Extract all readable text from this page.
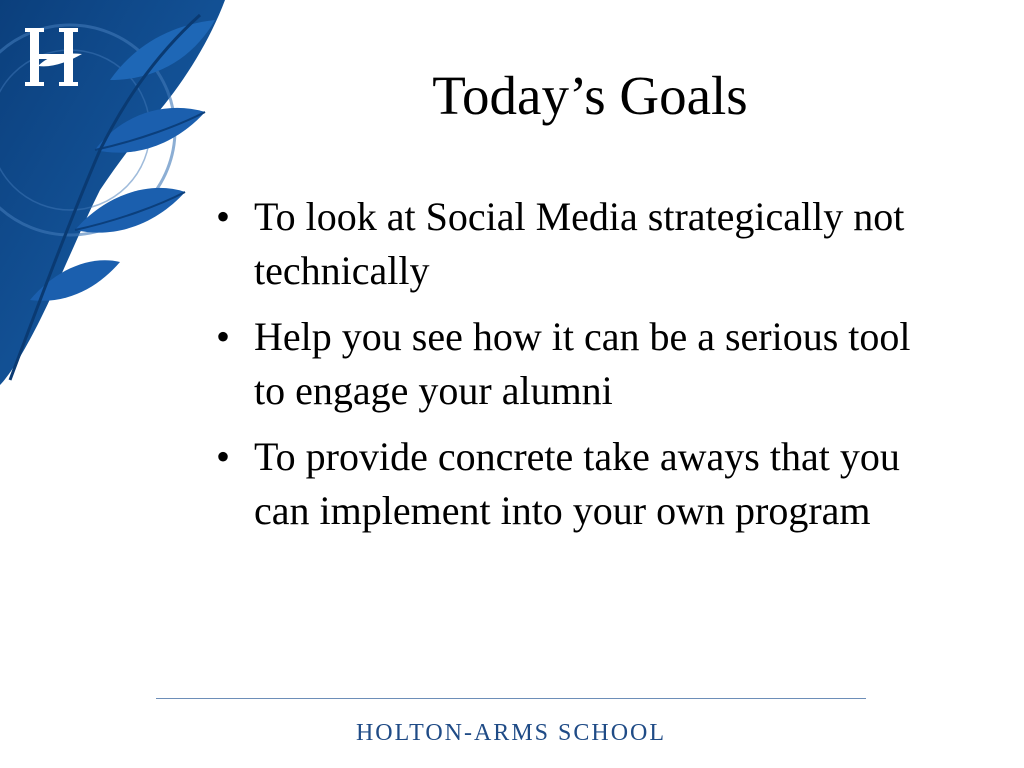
Today’s Goals
• To look at Social Media strategically not technically
• Help you see how it can be a serious tool to engage your alumni
• To provide concrete take aways that you can implement into your own program

HOLTON-ARMS SCHOOL
